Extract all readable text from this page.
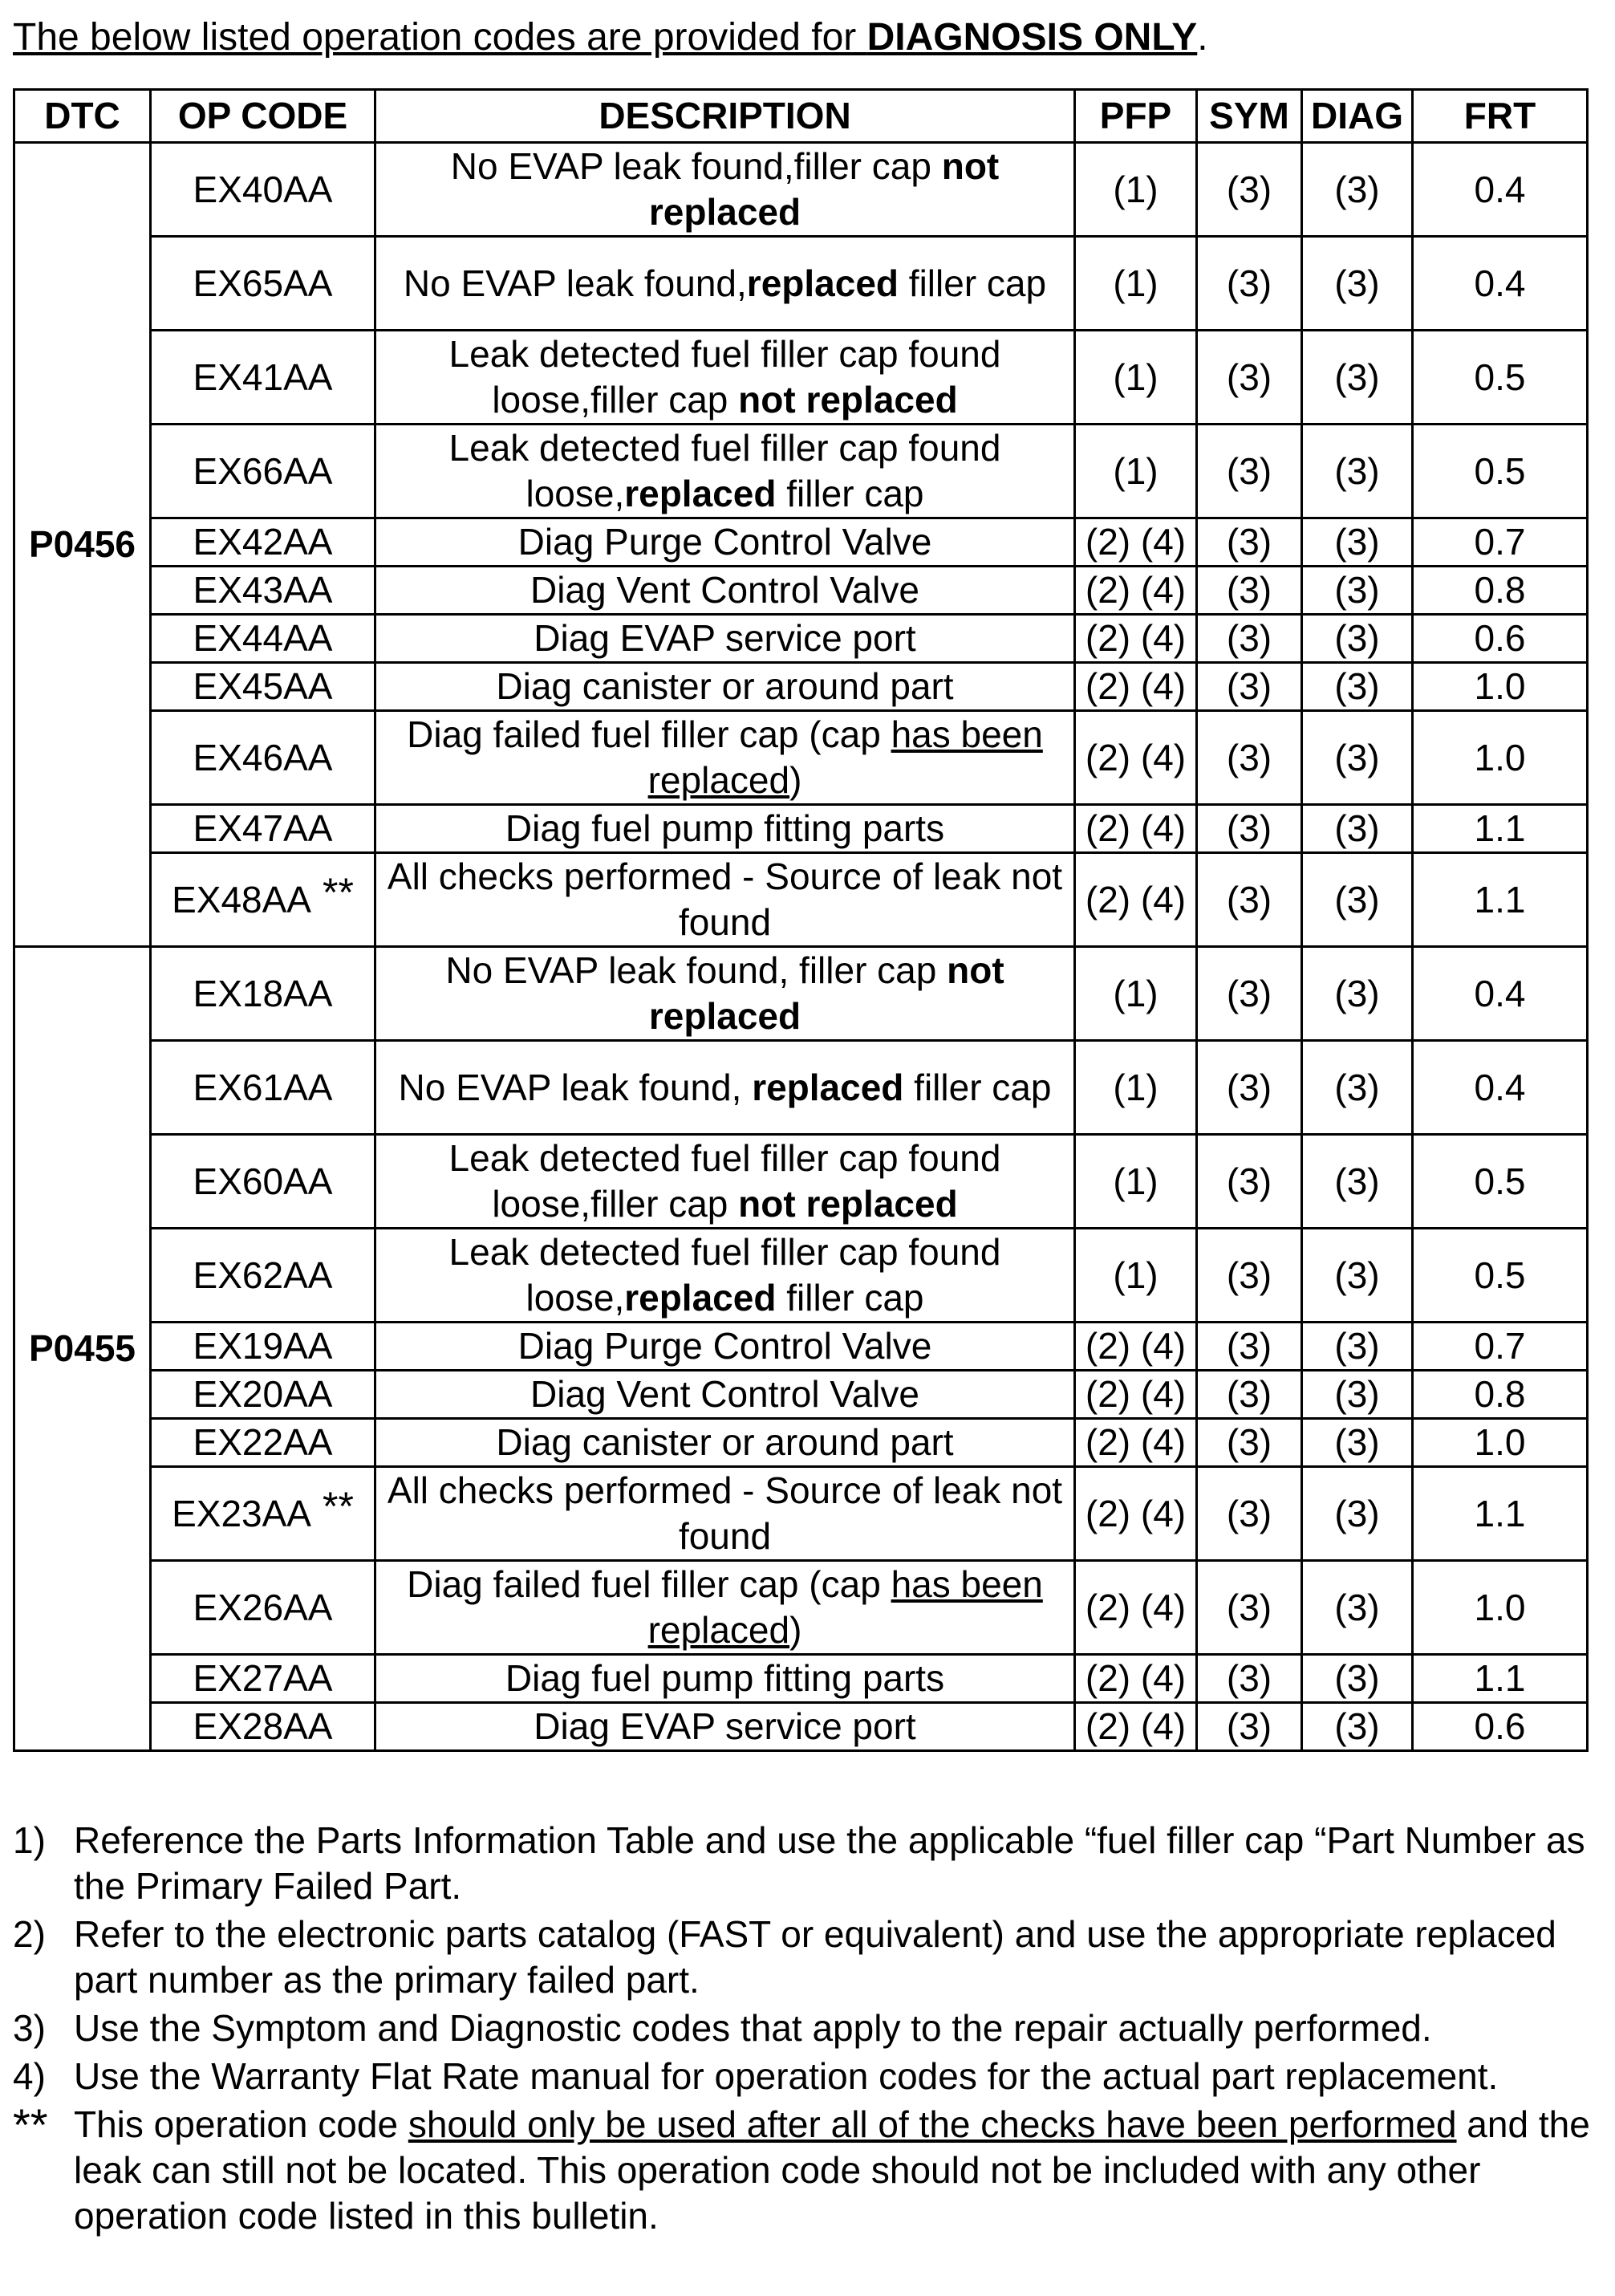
The below listed operation codes are provided for DIAGNOSIS ONLY.
DTC	OP CODE	DESCRIPTION	PFP	SYM	DIAG	FRT
P0456	EX40AA	No EVAP leak found,filler cap not replaced	(1)	(3)	(3)	0.4
	EX65AA	No EVAP leak found,replaced filler cap	(1)	(3)	(3)	0.4
	EX41AA	Leak detected fuel filler cap found loose,filler cap not replaced	(1)	(3)	(3)	0.5
	EX66AA	Leak detected fuel filler cap found loose,replaced filler cap	(1)	(3)	(3)	0.5
	EX42AA	Diag Purge Control Valve	(2) (4)	(3)	(3)	0.7
	EX43AA	Diag Vent Control Valve	(2) (4)	(3)	(3)	0.8
	EX44AA	Diag EVAP service port	(2) (4)	(3)	(3)	0.6
	EX45AA	Diag canister or around part	(2) (4)	(3)	(3)	1.0
	EX46AA	Diag failed fuel filler cap (cap has been replaced)	(2) (4)	(3)	(3)	1.0
	EX47AA	Diag fuel pump fitting parts	(2) (4)	(3)	(3)	1.1
	EX48AA **	All checks performed - Source of leak not found	(2) (4)	(3)	(3)	1.1
P0455	EX18AA	No EVAP leak found, filler cap not replaced	(1)	(3)	(3)	0.4
	EX61AA	No EVAP leak found, replaced filler cap	(1)	(3)	(3)	0.4
	EX60AA	Leak detected fuel filler cap found loose,filler cap not replaced	(1)	(3)	(3)	0.5
	EX62AA	Leak detected fuel filler cap found loose,replaced filler cap	(1)	(3)	(3)	0.5
	EX19AA	Diag Purge Control Valve	(2) (4)	(3)	(3)	0.7
	EX20AA	Diag Vent Control Valve	(2) (4)	(3)	(3)	0.8
	EX22AA	Diag canister or around part	(2) (4)	(3)	(3)	1.0
	EX23AA **	All checks performed - Source of leak not found	(2) (4)	(3)	(3)	1.1
	EX26AA	Diag failed fuel filler cap (cap has been replaced)	(2) (4)	(3)	(3)	1.0
	EX27AA	Diag fuel pump fitting parts	(2) (4)	(3)	(3)	1.1
	EX28AA	Diag EVAP service port	(2) (4)	(3)	(3)	0.6
1) Reference the Parts Information Table and use the applicable “fuel filler cap “Part Number as the Primary Failed Part.
2) Refer to the electronic parts catalog (FAST or equivalent) and use the appropriate replaced part number as the primary failed part.
3) Use the Symptom and Diagnostic codes that apply to the repair actually performed.
4) Use the Warranty Flat Rate manual for operation codes for the actual part replacement.
** This operation code should only be used after all of the checks have been performed and the leak can still not be located. This operation code should not be included with any other operation code listed in this bulletin.
